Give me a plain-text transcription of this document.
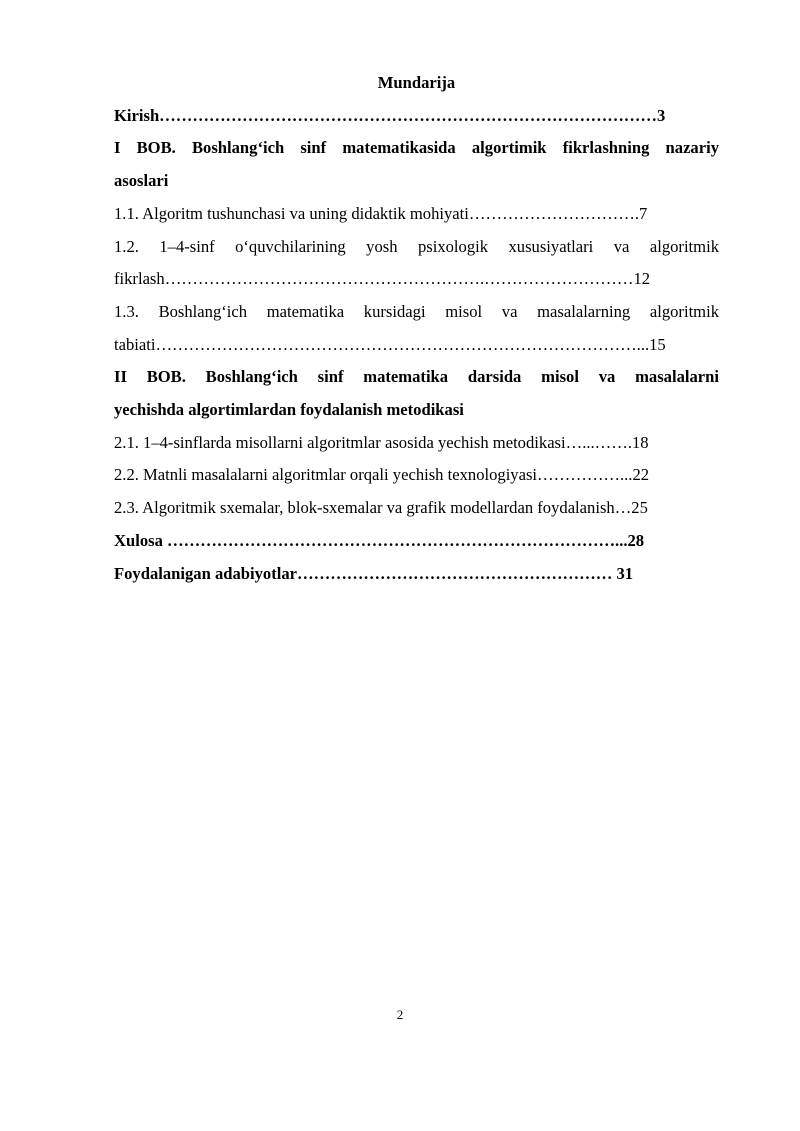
Mundarija

Kirish………………………………………………………………………………3

I BOB. Boshlang‘ich sinf matematikasida algortimik fikrlashning nazariy

asoslari

1.1. Algoritm tushunchasi va uning didaktik mohiyati………………………….7

1.2. 1–4-sinf o‘quvchilarining yosh psixologik xususiyatlari va algoritmik

fikrlash………………………………………………….………………………12

1.3. Boshlang‘ich matematika kursidagi misol va masalalarning algoritmik

tabiati……………………………………………………………………………...15

II BOB. Boshlang‘ich sinf matematika darsida misol va masalalarni

yechishda algortimlardan foydalanish metodikasi

2.1. 1–4-sinflarda misollarni algoritmlar asosida yechish metodikasi…...…….18

2.2. Matnli masalalarni algoritmlar orqali yechish texnologiyasi……………...22

2.3. Algoritmik sxemalar, blok-sxemalar va grafik modellardan foydalanish…25

Xulosa ………………………………………………………………………...28

Foydalanigan adabiyotlar………………………………………………… 31

2
